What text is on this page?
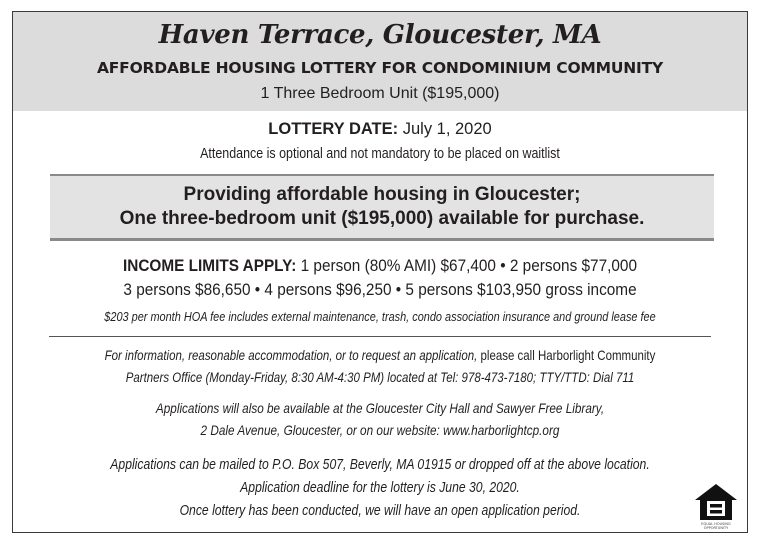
Haven Terrace, Gloucester, MA
AFFORDABLE HOUSING LOTTERY FOR CONDOMINIUM COMMUNITY
1 Three Bedroom Unit ($195,000)
LOTTERY DATE: July 1, 2020
Attendance is optional and not mandatory to be placed on waitlist
Providing affordable housing in Gloucester;
One three-bedroom unit ($195,000) available for purchase.
INCOME LIMITS APPLY: 1 person (80% AMI) $67,400 • 2 persons $77,000
3 persons $86,650 • 4 persons $96,250 • 5 persons $103,950 gross income
$203 per month HOA fee includes external maintenance, trash, condo association insurance and ground lease fee
For information, reasonable accommodation, or to request an application, please call Harborlight Community
Partners Office (Monday-Friday, 8:30 AM-4:30 PM) located at Tel: 978-473-7180; TTY/TTD: Dial 711
Applications will also be available at the Gloucester City Hall and Sawyer Free Library,
2 Dale Avenue, Gloucester, or on our website: www.harborlightcp.org
Applications can be mailed to P.O. Box 507, Beverly, MA 01915 or dropped off at the above location.
Application deadline for the lottery is June 30, 2020.
Once lottery has been conducted, we will have an open application period.
EQUAL HOUSING
OPPORTUNITY
